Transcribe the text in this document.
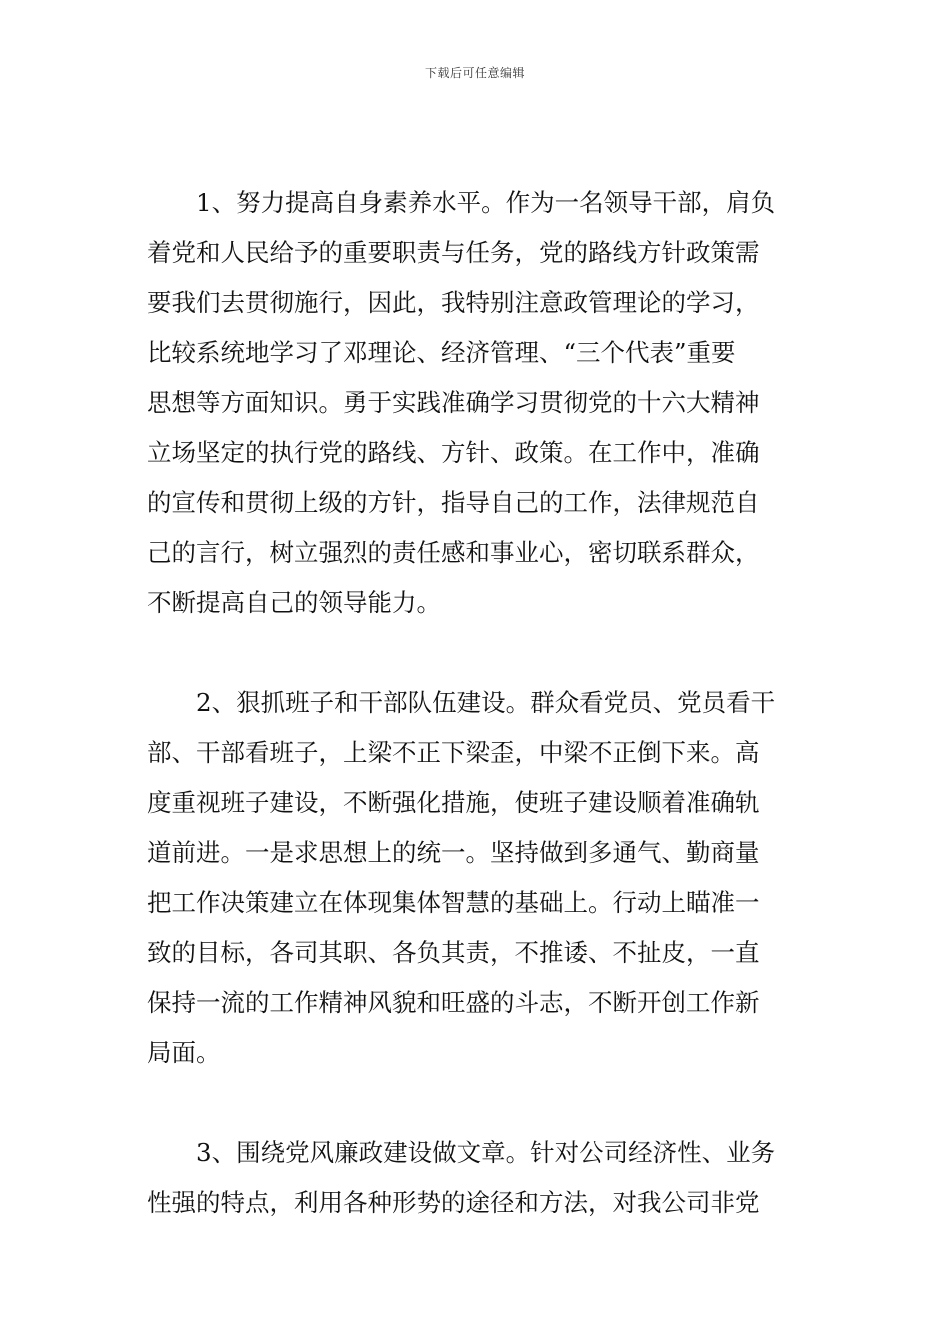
下载后可任意编辑

1、努力提高自身素养水平。作为一名领导干部，肩负
着党和人民给予的重要职责与任务，党的路线方针政策需
要我们去贯彻施行，因此，我特别注意政管理论的学习，
比较系统地学习了邓理论、经济管理、“三个代表”重要
思想等方面知识。勇于实践准确学习贯彻党的十六大精神
立场坚定的执行党的路线、方针、政策。在工作中，准确
的宣传和贯彻上级的方针，指导自己的工作，法律规范自
己的言行，树立强烈的责任感和事业心，密切联系群众，
不断提高自己的领导能力。

2、狠抓班子和干部队伍建设。群众看党员、党员看干
部、干部看班子，上梁不正下梁歪，中梁不正倒下来。高
度重视班子建设，不断强化措施，使班子建设顺着准确轨
道前进。一是求思想上的统一。坚持做到多通气、勤商量
把工作决策建立在体现集体智慧的基础上。行动上瞄准一
致的目标，各司其职、各负其责，不推诿、不扯皮，一直
保持一流的工作精神风貌和旺盛的斗志，不断开创工作新
局面。

3、围绕党风廉政建设做文章。针对公司经济性、业务
性强的特点，利用各种形势的途径和方法，对我公司非党
